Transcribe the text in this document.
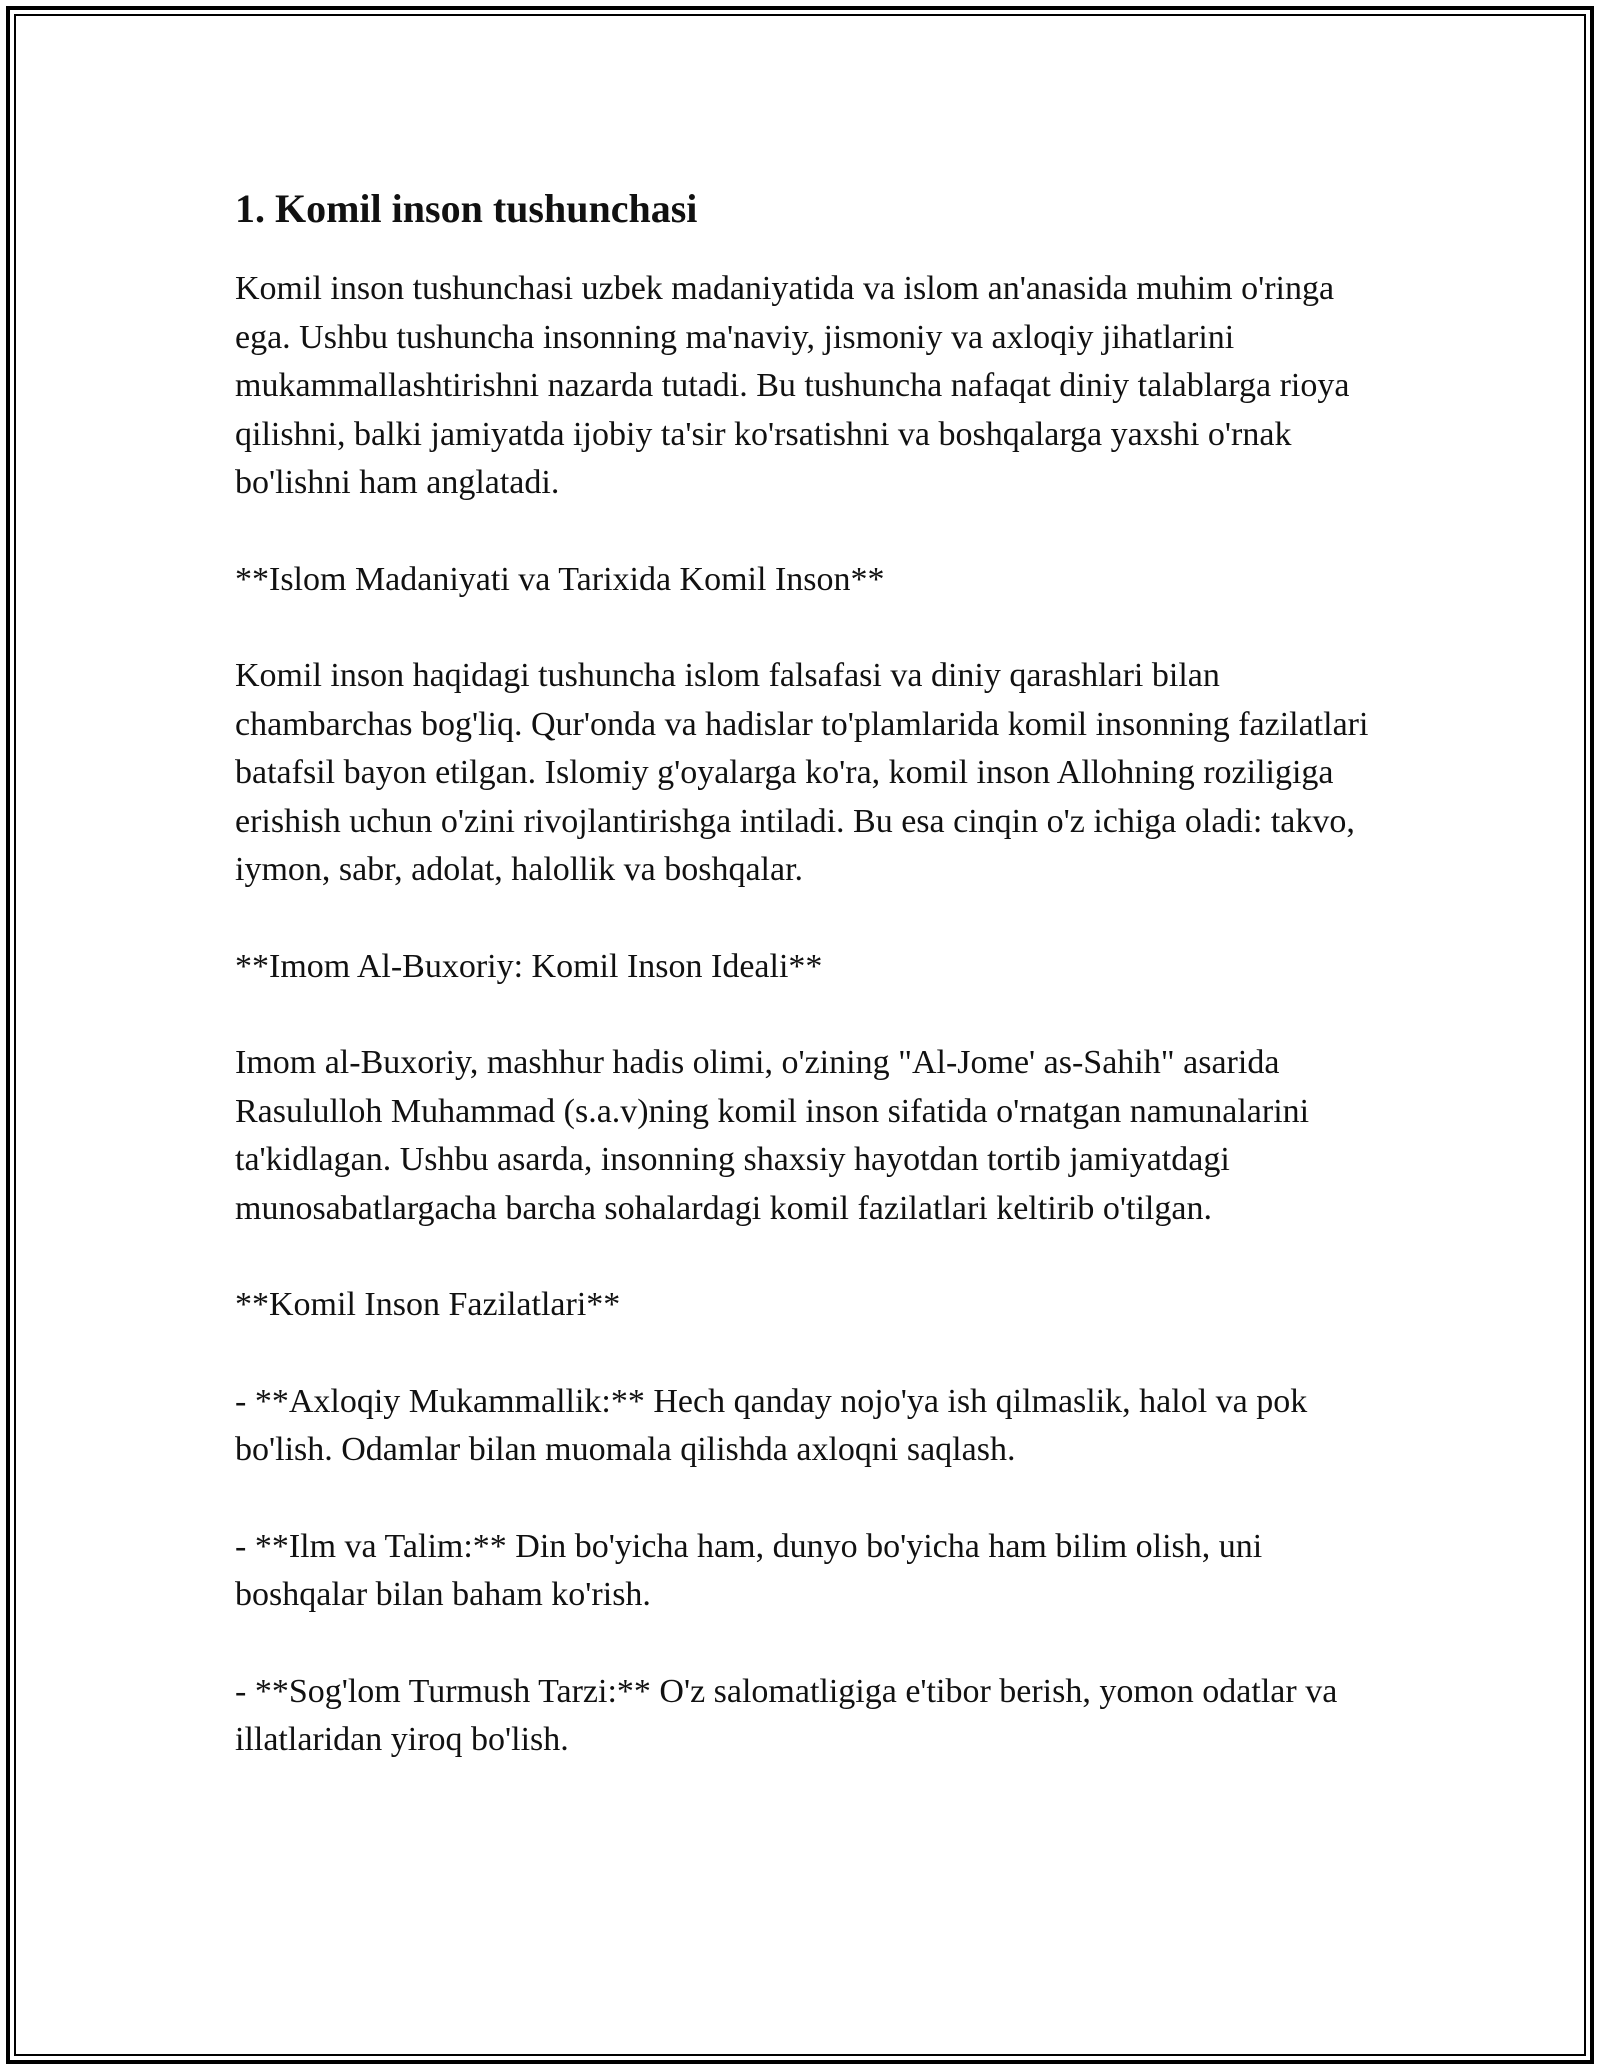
1. Komil inson tushunchasi

Komil inson tushunchasi uzbek madaniyatida va islom an'anasida muhim o'ringa ega. Ushbu tushuncha insonning ma'naviy, jismoniy va axloqiy jihatlarini mukammallashtirishni nazarda tutadi. Bu tushuncha nafaqat diniy talablarga rioya qilishni, balki jamiyatda ijobiy ta'sir ko'rsatishni va boshqalarga yaxshi o'rnak bo'lishni ham anglatadi.

**Islom Madaniyati va Tarixida Komil Inson**

Komil inson haqidagi tushuncha islom falsafasi va diniy qarashlari bilan chambarchas bog'liq. Qur'onda va hadislar to'plamlarida komil insonning fazilatlari batafsil bayon etilgan. Islomiy g'oyalarga ko'ra, komil inson Allohning roziligiga erishish uchun o'zini rivojlantirishga intiladi. Bu esa cinqin o'z ichiga oladi: takvo, iymon, sabr, adolat, halollik va boshqalar.

**Imom Al-Buxoriy: Komil Inson Ideali**

Imom al-Buxoriy, mashhur hadis olimi, o'zining "Al-Jome' as-Sahih" asarida Rasululloh Muhammad (s.a.v)ning komil inson sifatida o'rnatgan namunalarini ta'kidlagan. Ushbu asarda, insonning shaxsiy hayotdan tortib jamiyatdagi munosabatlargacha barcha sohalardagi komil fazilatlari keltirib o'tilgan.

**Komil Inson Fazilatlari**

- **Axloqiy Mukammallik:** Hech qanday nojo'ya ish qilmaslik, halol va pok bo'lish. Odamlar bilan muomala qilishda axloqni saqlash.

- **Ilm va Talim:** Din bo'yicha ham, dunyo bo'yicha ham bilim olish, uni boshqalar bilan baham ko'rish.

- **Sog'lom Turmush Tarzi:** O'z salomatligiga e'tibor berish, yomon odatlar va illatlaridan yiroq bo'lish.
